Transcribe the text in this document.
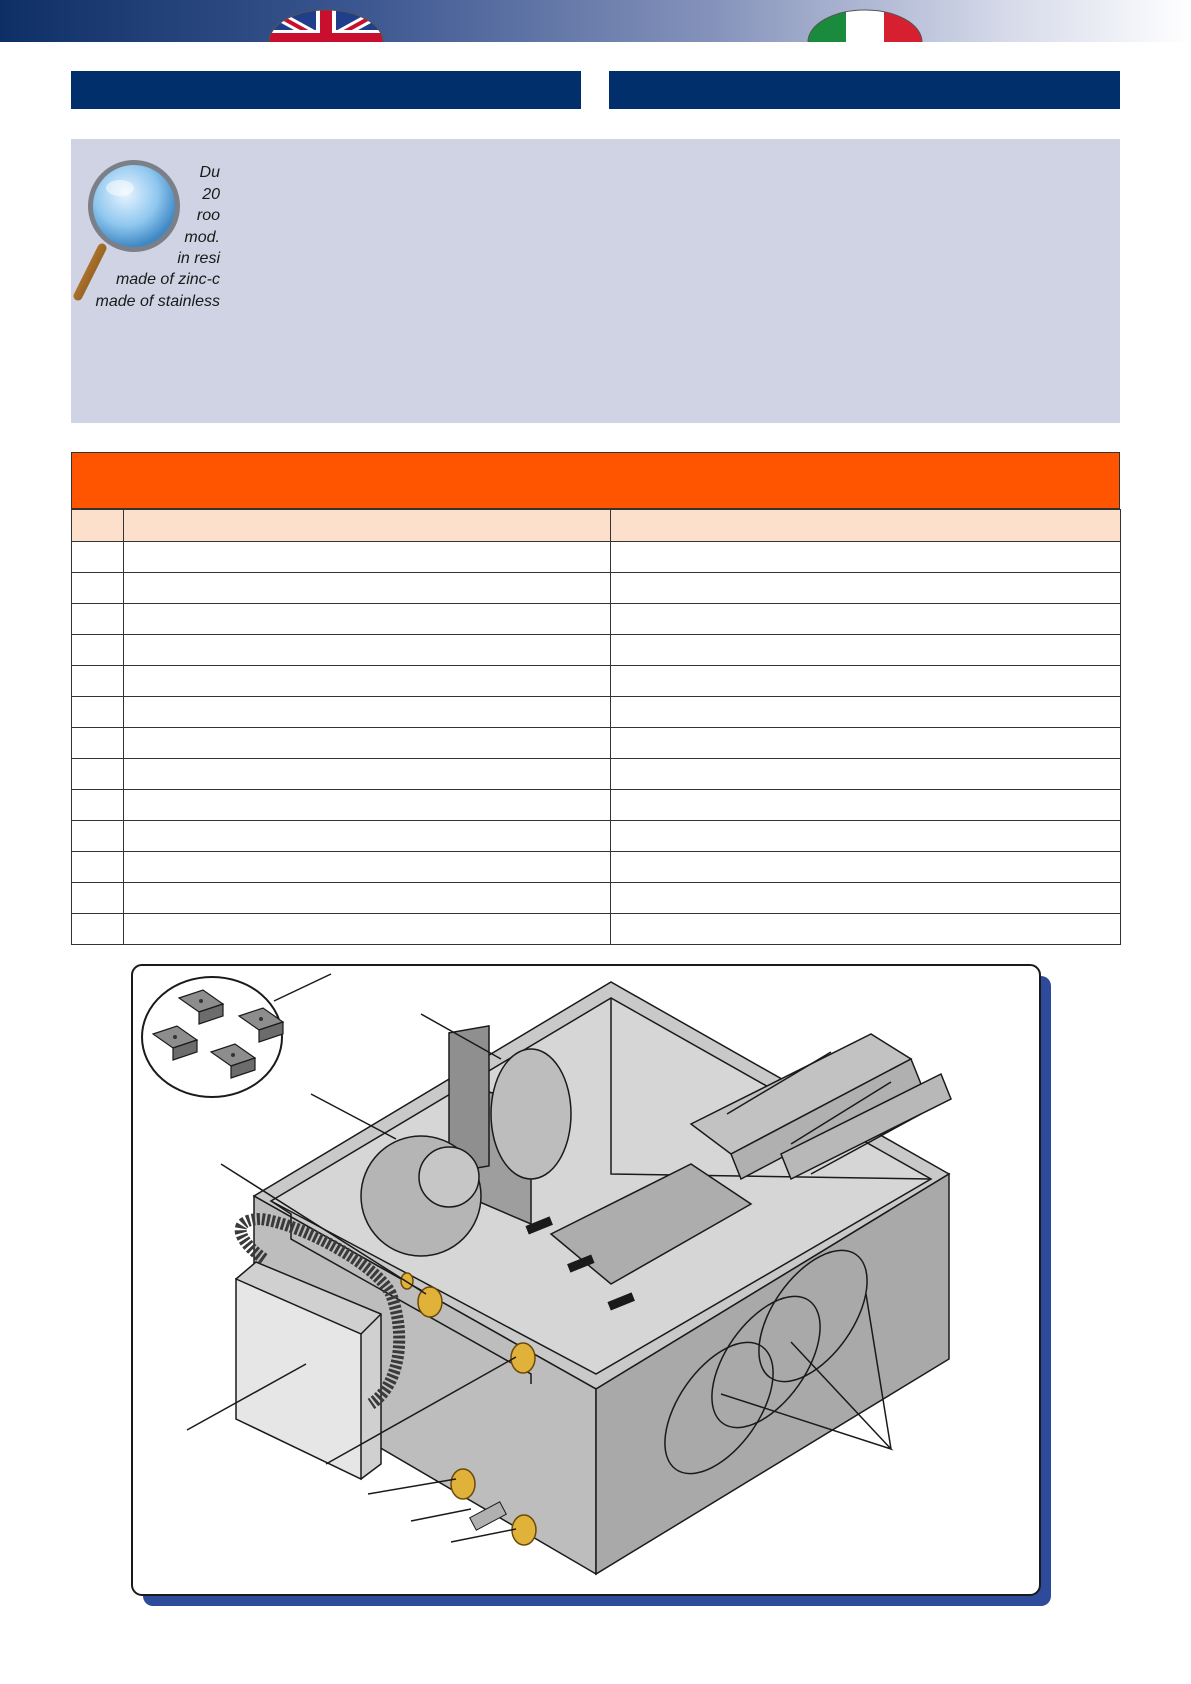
Du
20
roo
mod.
in resi
made of zinc-c
made of stainless
